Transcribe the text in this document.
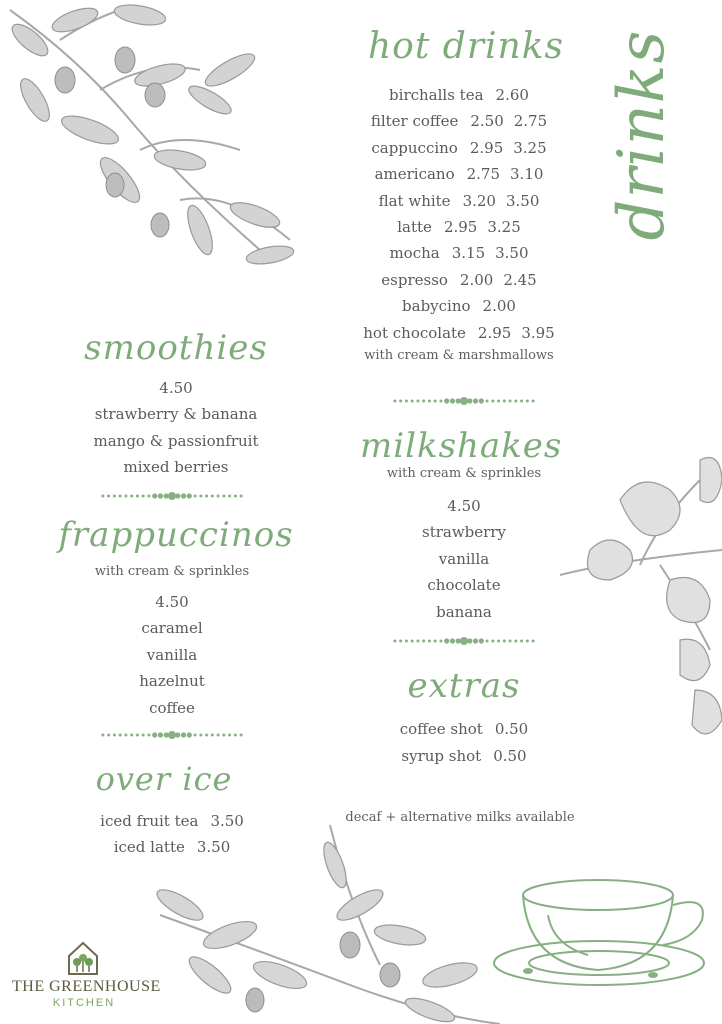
THE GREENHOUSE
KITCHEN
drinks
hot drinks
birchalls tea 2.60
filter coffee 2.50 2.75
cappuccino 2.95 3.25
americano 2.75 3.10
flat white 3.20 3.50
latte 2.95 3.25
mocha 3.15 3.50
espresso 2.00 2.45
babycino 2.00
hot chocolate 2.95 3.95
with cream & marshmallows
milkshakes
with cream & sprinkles
4.50
strawberry
vanilla
chocolate
banana
extras
coffee shot 0.50
syrup shot 0.50
decaf + alternative milks available
smoothies
4.50
strawberry & banana
mango & passionfruit
mixed berries
frappuccinos
with cream & sprinkles
4.50
caramel
vanilla
hazelnut
coffee
over ice
iced fruit tea 3.50
iced latte 3.50
